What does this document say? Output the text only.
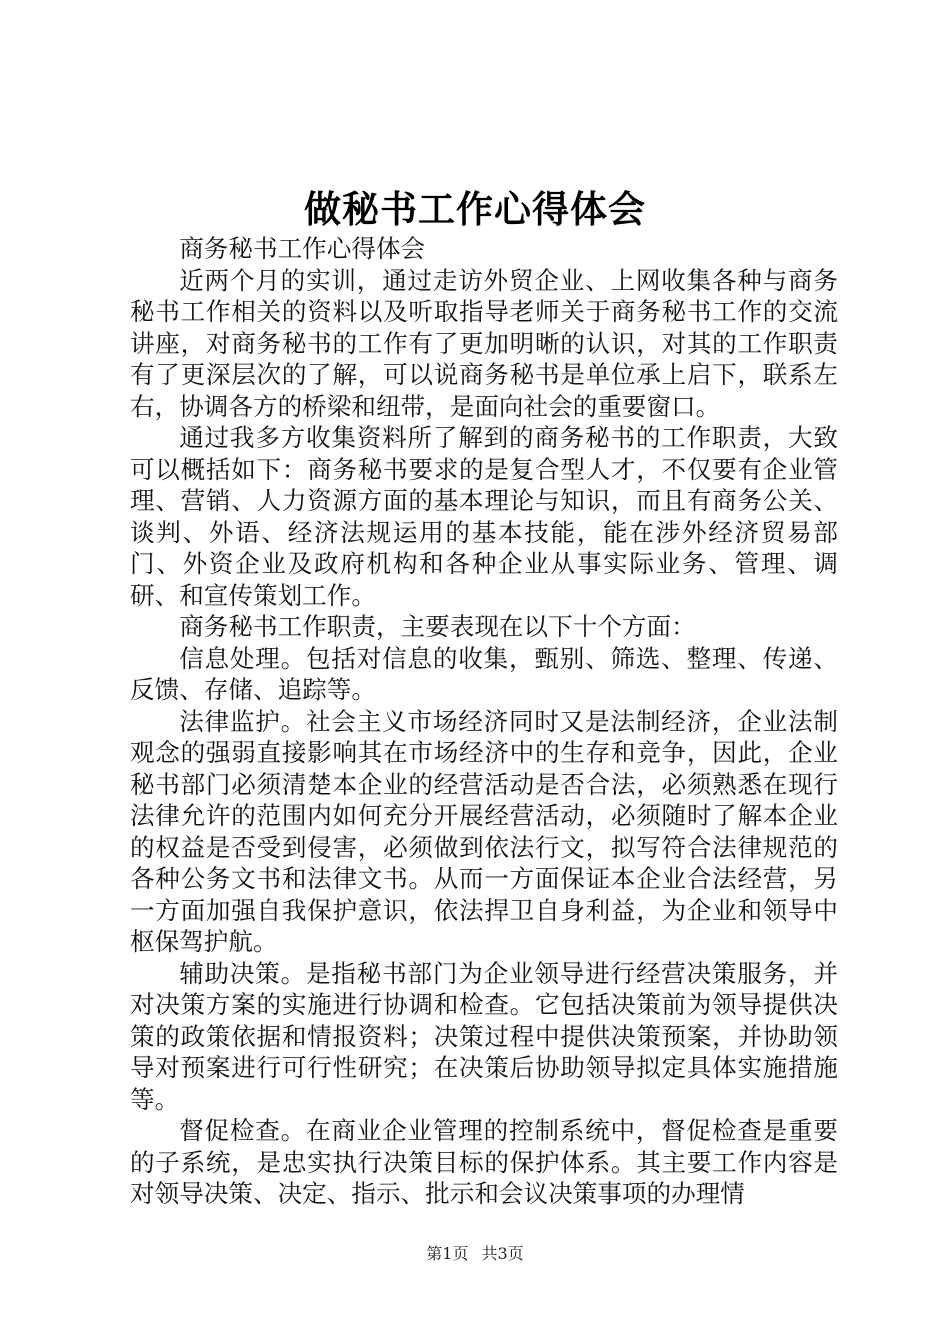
做秘书工作心得体会

商务秘书工作心得体会

近两个月的实训，通过走访外贸企业、上网收集各种与商务秘书工作相关的资料以及听取指导老师关于商务秘书工作的交流讲座，对商务秘书的工作有了更加明晰的认识，对其的工作职责有了更深层次的了解，可以说商务秘书是单位承上启下，联系左右，协调各方的桥梁和纽带，是面向社会的重要窗口。

通过我多方收集资料所了解到的商务秘书的工作职责，大致可以概括如下：商务秘书要求的是复合型人才，不仅要有企业管理、营销、人力资源方面的基本理论与知识，而且有商务公关、谈判、外语、经济法规运用的基本技能，能在涉外经济贸易部门、外资企业及政府机构和各种企业从事实际业务、管理、调研、和宣传策划工作。

商务秘书工作职责，主要表现在以下十个方面：

信息处理。包括对信息的收集，甄别、筛选、整理、传递、反馈、存储、追踪等。

法律监护。社会主义市场经济同时又是法制经济，企业法制观念的强弱直接影响其在市场经济中的生存和竞争，因此，企业秘书部门必须清楚本企业的经营活动是否合法，必须熟悉在现行法律允许的范围内如何充分开展经营活动，必须随时了解本企业的权益是否受到侵害，必须做到依法行文，拟写符合法律规范的各种公务文书和法律文书。从而一方面保证本企业合法经营，另一方面加强自我保护意识，依法捍卫自身利益，为企业和领导中枢保驾护航。

辅助决策。是指秘书部门为企业领导进行经营决策服务，并对决策方案的实施进行协调和检查。它包括决策前为领导提供决策的政策依据和情报资料；决策过程中提供决策预案，并协助领导对预案进行可行性研究；在决策后协助领导拟定具体实施措施等。

督促检查。在商业企业管理的控制系统中，督促检查是重要的子系统，是忠实执行决策目标的保护体系。其主要工作内容是对领导决策、决定、指示、批示和会议决策事项的办理情

第1页 共3页
